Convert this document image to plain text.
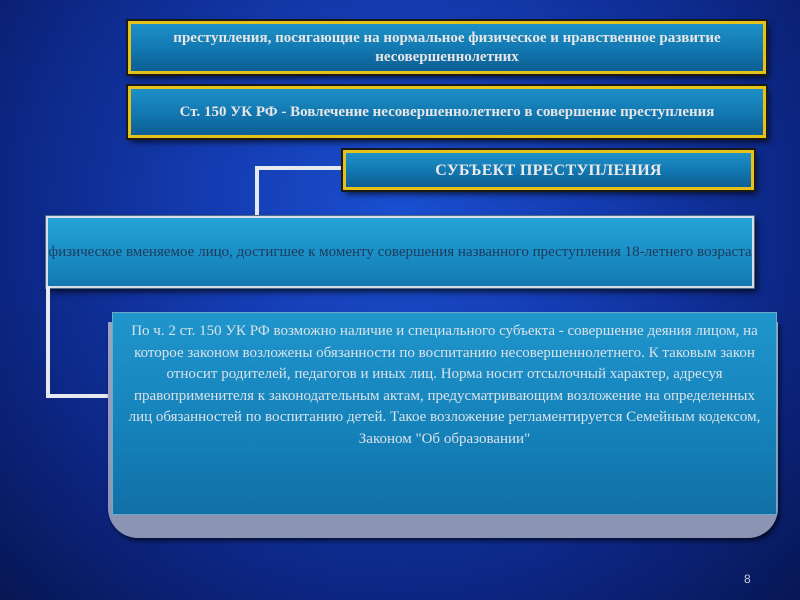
преступления, посягающие на нормальное физическое и нравственное развитие несовершеннолетних
Ст. 150 УК РФ - Вовлечение несовершеннолетнего в совершение преступления
СУБЪЕКТ ПРЕСТУПЛЕНИЯ
физическое вменяемое лицо, достигшее к моменту совершения названного преступления 18-летнего возраста
По ч. 2 ст. 150 УК РФ возможно наличие и специального субъекта - совершение деяния лицом, на которое законом возложены обязанности по воспитанию несовершеннолетнего. К таковым закон относит родителей, педагогов и иных лиц. Норма носит отсылочный характер, адресуя правоприменителя к законодательным актам, предусматривающим возложение на определенных лиц обязанностей по воспитанию детей. Такое возложение регламентируется Семейным кодексом, Законом "Об образовании"
8
